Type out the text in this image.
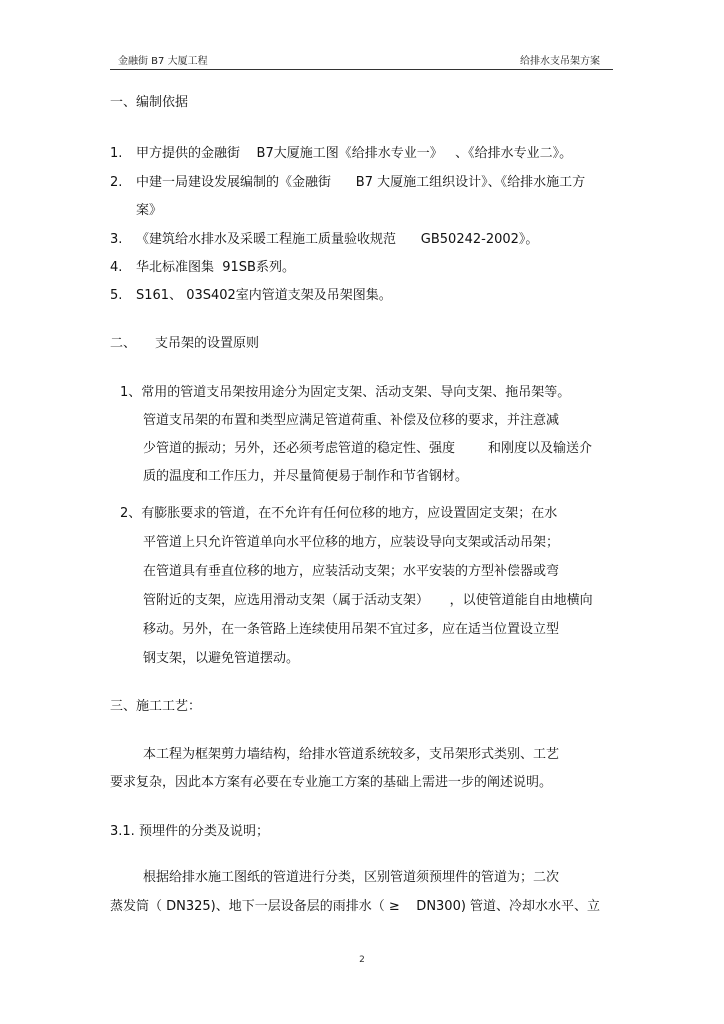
金融街 B7 大厦工程	给排水支吊架方案
一、编制依据
1. 甲方提供的金融街    B7大厦施工图《给排水专业一》   、《给排水专业二》。
2. 中建一局建设发展编制的《金融街      B7 大厦施工组织设计》、《给排水施工方
案》
3. 《建筑给水排水及采暖工程施工质量验收规范      GB50242-2002》。
4. 华北标准图集  91SB系列。
5. S161、 03S402室内管道支架及吊架图集。
二、 支吊架的设置原则
1、常用的管道支吊架按用途分为固定支架、活动支架、导向支架、拖吊架等。
管道支吊架的布置和类型应满足管道荷重、补偿及位移的要求，并注意减
少管道的振动；另外，还必须考虑管道的稳定性、强度        和刚度以及输送介
质的温度和工作压力，并尽量简便易于制作和节省钢材。
2、有膨胀要求的管道，在不允许有任何位移的地方，应设置固定支架；在水
平管道上只允许管道单向水平位移的地方，应装设导向支架或活动吊架；
在管道具有垂直位移的地方，应装活动支架；水平安装的方型补偿器或弯
管附近的支架，应选用滑动支架（属于活动支架）     ，以使管道能自由地横向
移动。另外，在一条管路上连续使用吊架不宜过多，应在适当位置设立型
钢支架，以避免管道摆动。
三、施工工艺：
本工程为框架剪力墙结构，给排水管道系统较多，支吊架形式类别、工艺
要求复杂，因此本方案有必要在专业施工方案的基础上需进一步的阐述说明。
3.1. 预埋件的分类及说明；
根据给排水施工图纸的管道进行分类，区别管道须预埋件的管道为；二次
蒸发筒（ DN325)、地下一层设备层的雨排水（ ≥    DN300) 管道、冷却水水平、立
2
